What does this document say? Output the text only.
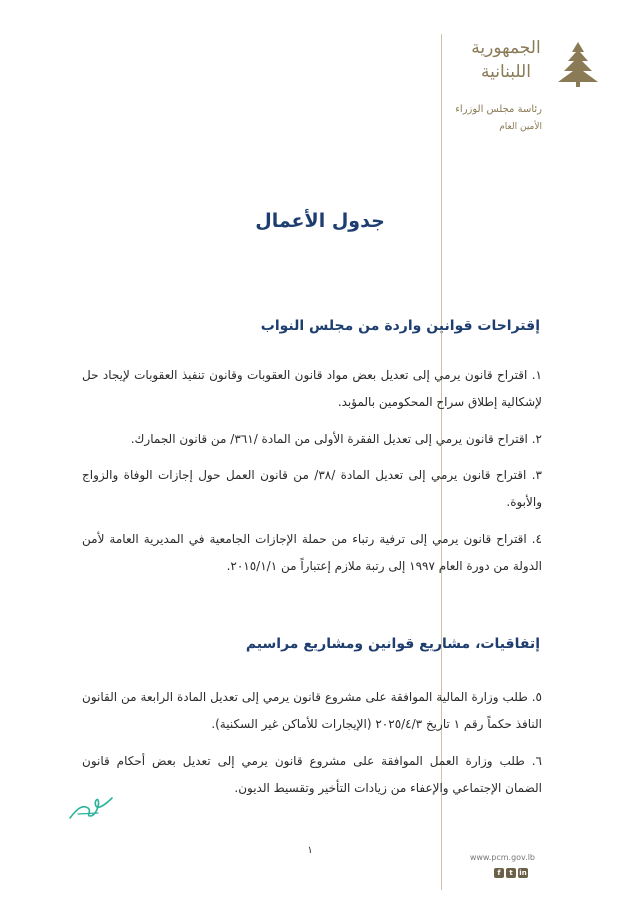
الجمهورية
اللبنانية
رئاسة مجلس الوزراء
الأمين العام
جدول الأعمال
إقتراحات قوانين واردة من مجلس النواب
١. اقتراح قانون يرمي إلى تعديل بعض مواد قانون العقوبات وقانون تنفيذ العقوبات لإيجاد حل لإشكالية إطلاق سراح المحكومين بالمؤبد.
٢. اقتراح قانون يرمي إلى تعديل الفقرة الأولى من المادة /٣٦١/ من قانون الجمارك.
٣. اقتراح قانون يرمي إلى تعديل المادة /٣٨/ من قانون العمل حول إجازات الوفاة والزواج والأبوة.
٤. اقتراح قانون يرمي إلى ترفية رتباء من حملة الإجازات الجامعية في المديرية العامة لأمن الدولة من دورة العام ١٩٩٧ إلى رتبة ملازم إعتباراً من ٢٠١٥/١/١.
إتفاقيات، مشاريع قوانين ومشاريع مراسيم
٥. طلب وزارة المالية الموافقة على مشروع قانون يرمي إلى تعديل المادة الرابعة من القانون النافذ حكماً رقم ١ تاريخ ٢٠٢٥/٤/٣ (الإيجارات للأماكن غير السكنية).
٦. طلب وزارة العمل الموافقة على مشروع قانون يرمي إلى تعديل بعض أحكام قانون الضمان الإجتماعي والإعفاء من زيادات التأخير وتقسيط الديون.
١
www.pcm.gov.lb
f	t in
